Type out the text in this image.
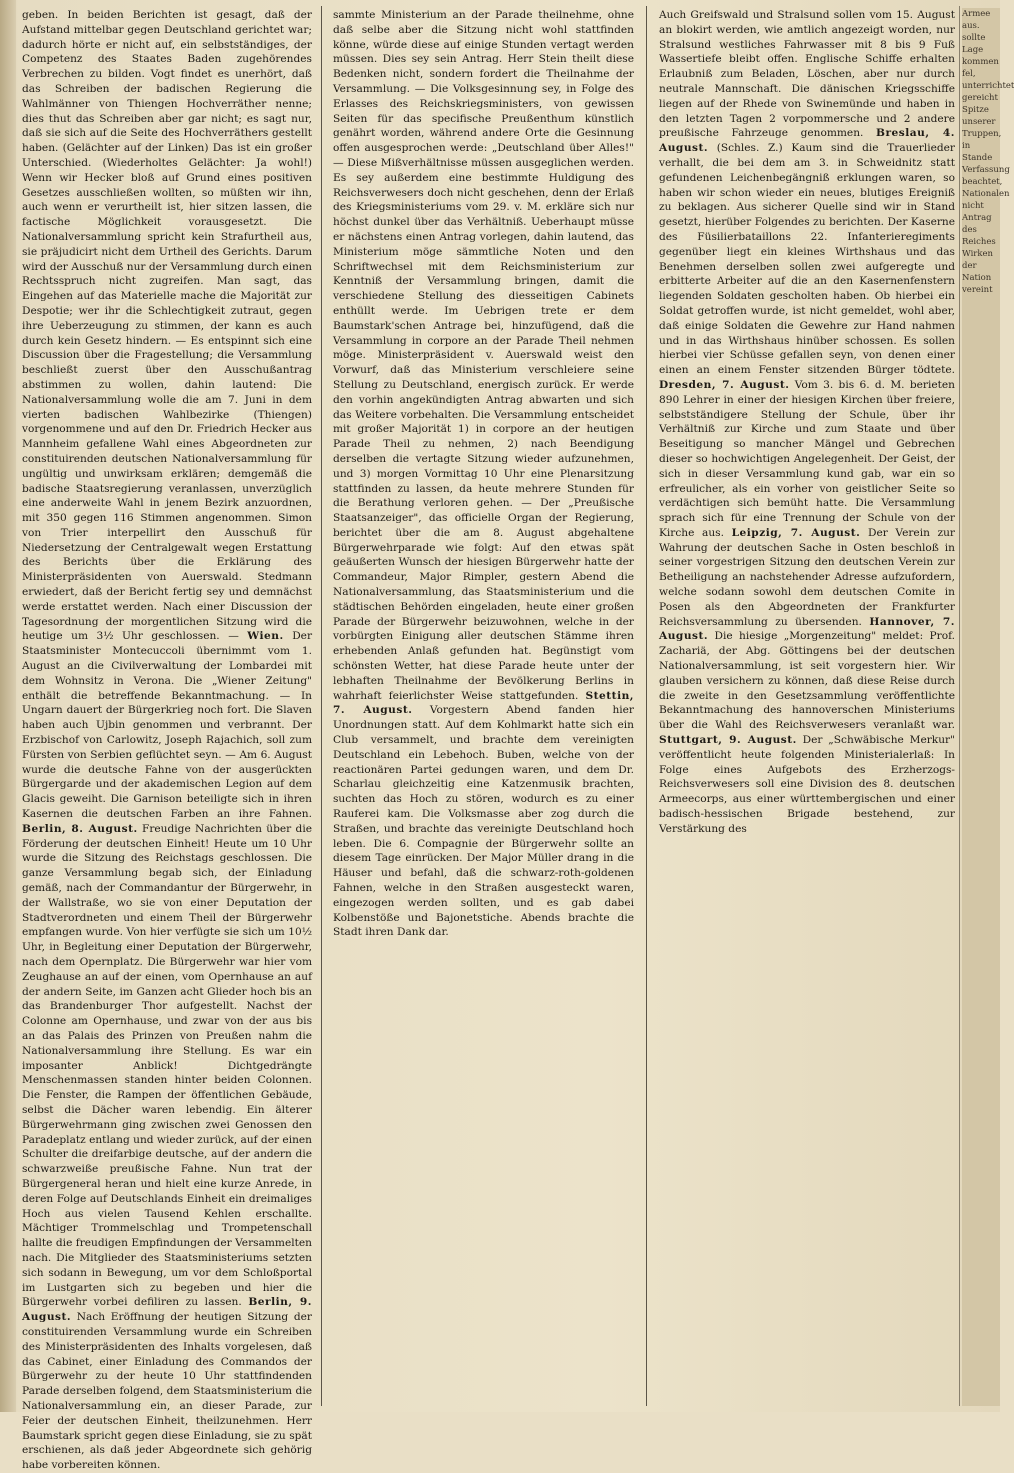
geben. In beiden Berichten ist gesagt, daß der Aufstand mittelbar gegen Deutschland gerichtet war; dadurch hörte er nicht auf, ein selbstständiges, der Competenz des Staates Baden zugehörendes Verbrechen zu bilden. Vogt findet es unerhört, daß das Schreiben der badischen Regierung die Wahlmänner von Thiengen Hochverräther nenne; dies thut das Schreiben aber gar nicht; es sagt nur, daß sie sich auf die Seite des Hochverräthers gestellt haben. (Gelächter auf der Linken) Das ist ein großer Unterschied. (Wiederholtes Gelächter: Ja wohl!) Wenn wir Hecker bloß auf Grund eines positiven Gesetzes ausschließen wollten, so müßten wir ihn, auch wenn er verurtheilt ist, hier sitzen lassen, die factische Möglichkeit vorausgesetzt. Die Nationalversammlung spricht kein Strafurtheil aus, sie präjudicirt nicht dem Urtheil des Gerichts. Darum wird der Ausschuß nur der Versammlung durch einen Rechtsspruch nicht zugreifen. Man sagt, das Eingehen auf das Materielle mache die Majorität zur Despotie; wer ihr die Schlechtigkeit zutraut, gegen ihre Ueberzeugung zu stimmen, der kann es auch durch kein Gesetz hindern. — Es entspinnt sich eine Discussion über die Fragestellung; die Versammlung beschließt zuerst über den Ausschußantrag abstimmen zu wollen, dahin lautend: Die Nationalversammlung wolle die am 7. Juni in dem vierten badischen Wahlbezirke (Thiengen) vorgenommene und auf den Dr. Friedrich Hecker aus Mannheim gefallene Wahl eines Abgeordneten zur constituirenden deutschen Nationalversammlung für ungültig und unwirksam erklären; demgemäß die badische Staatsregierung veranlassen, unverzüglich eine anderweite Wahl in jenem Bezirk anzuordnen, mit 350 gegen 116 Stimmen angenommen. Simon von Trier interpellirt den Ausschuß für Niedersetzung der Centralgewalt wegen Erstattung des Berichts über die Erklärung des Ministerpräsidenten von Auerswald. Stedmann erwiedert, daß der Bericht fertig sey und demnächst werde erstattet werden. Nach einer Discussion der Tagesordnung der morgentlichen Sitzung wird die heutige um 3½ Uhr geschlossen. — Wien. Der Staatsminister Montecuccoli übernimmt vom 1. August an die Civilverwaltung der Lombardei mit dem Wohnsitz in Verona. Die „Wiener Zeitung" enthält die betreffende Bekanntmachung. — In Ungarn dauert der Bürgerkrieg noch fort. Die Slaven haben auch Ujbin genommen und verbrannt. Der Erzbischof von Carlowitz, Joseph Rajachich, soll zum Fürsten von Serbien geflüchtet seyn. — Am 6. August wurde die deutsche Fahne von der ausgerückten Bürgergarde und der akademischen Legion auf dem Glacis geweiht. Die Garnison beteiligte sich in ihren Kasernen die deutschen Farben an ihre Fahnen. Berlin, 8. August. Freudige Nachrichten über die Förderung der deutschen Einheit! Heute um 10 Uhr wurde die Sitzung des Reichstags geschlossen. Die ganze Versammlung begab sich, der Einladung gemäß, nach der Commandantur der Bürgerwehr, in der Wallstraße, wo sie von einer Deputation der Stadtverordneten und einem Theil der Bürgerwehr empfangen wurde. Von hier verfügte sie sich um 10½ Uhr, in Begleitung einer Deputation der Bürgerwehr, nach dem Opernplatz. Die Bürgerwehr war hier vom Zeughause an auf der einen, vom Opernhause an auf der andern Seite, im Ganzen acht Glieder hoch bis an das Brandenburger Thor aufgestellt. Nachst der Colonne am Opernhause, und zwar von der aus bis an das Palais des Prinzen von Preußen nahm die Nationalversammlung ihre Stellung. Es war ein imposanter Anblick! Dichtgedrängte Menschenmassen standen hinter beiden Colonnen. Die Fenster, die Rampen der öffentlichen Gebäude, selbst die Dächer waren lebendig. Ein älterer Bürgerwehrmann ging zwischen zwei Genossen den Paradeplatz entlang und wieder zurück, auf der einen Schulter die dreifarbige deutsche, auf der andern die schwarzweiße preußische Fahne. Nun trat der Bürgergeneral heran und hielt eine kurze Anrede, in deren Folge auf Deutschlands Einheit ein dreimaliges Hoch aus vielen Tausend Kehlen erschallte. Mächtiger Trommelschlag und Trompetenschall hallte die freudigen Empfindungen der Versammelten nach. Die Mitglieder des Staatsministeriums setzten sich sodann in Bewegung, um vor dem Schloßportal im Lustgarten sich zu begeben und hier die Bürgerwehr vorbei defiliren zu lassen. Berlin, 9. August. Nach Eröffnung der heutigen Sitzung der constituirenden Versammlung wurde ein Schreiben des Ministerpräsidenten des Inhalts vorgelesen, daß das Cabinet, einer Einladung des Commandos der Bürgerwehr zu der heute 10 Uhr stattfindenden Parade derselben folgend, dem Staatsministerium die Nationalversammlung ein, an dieser Parade, zur Feier der deutschen Einheit, theilzunehmen. Herr Baumstark spricht gegen diese Einladung, sie zu spät erschienen, als daß jeder Abgeordnete sich gehörig habe vorbereiten können.
sammte Ministerium an der Parade theilnehme, ohne daß selbe aber die Sitzung nicht wohl stattfinden könne, würde diese auf einige Stunden vertagt werden müssen. Dies sey sein Antrag. Herr Stein theilt diese Bedenken nicht, sondern fordert die Theilnahme der Versammlung. — Die Volksgesinnung sey, in Folge des Erlasses des Reichskriegsministers, von gewissen Seiten für das specifische Preußenthum künstlich genährt worden, während andere Orte die Gesinnung offen ausgesprochen werde: „Deutschland über Alles!" — Diese Mißverhältnisse müssen ausgeglichen werden. Es sey außerdem eine bestimmte Huldigung des Reichsverwesers doch nicht geschehen, denn der Erlaß des Kriegsministeriums vom 29. v. M. erkläre sich nur höchst dunkel über das Verhältniß. Ueberhaupt müsse er nächstens einen Antrag vorlegen, dahin lautend, das Ministerium möge sämmtliche Noten und den Schriftwechsel mit dem Reichsministerium zur Kenntniß der Versammlung bringen, damit die verschiedene Stellung des diesseitigen Cabinets enthüllt werde. Im Uebrigen trete er dem Baumstark'schen Antrage bei, hinzufügend, daß die Versammlung in corpore an der Parade Theil nehmen möge. Ministerpräsident v. Auerswald weist den Vorwurf, daß das Ministerium verschleiere seine Stellung zu Deutschland, energisch zurück. Er werde den vorhin angekündigten Antrag abwarten und sich das Weitere vorbehalten. Die Versammlung entscheidet mit großer Majorität 1) in corpore an der heutigen Parade Theil zu nehmen, 2) nach Beendigung derselben die vertagte Sitzung wieder aufzunehmen, und 3) morgen Vormittag 10 Uhr eine Plenarsitzung stattfinden zu lassen, da heute mehrere Stunden für die Berathung verloren gehen. — Der „Preußische Staatsanzeiger", das officielle Organ der Regierung, berichtet über die am 8. August abgehaltene Bürgerwehrparade wie folgt: Auf den etwas spät geäußerten Wunsch der hiesigen Bürgerwehr hatte der Commandeur, Major Rimpler, gestern Abend die Nationalversammlung, das Staatsministerium und die städtischen Behörden eingeladen, heute einer großen Parade der Bürgerwehr beizuwohnen, welche in der vorbürgten Einigung aller deutschen Stämme ihren erhebenden Anlaß gefunden hat. Begünstigt vom schönsten Wetter, hat diese Parade heute unter der lebhaften Theilnahme der Bevölkerung Berlins in wahrhaft feierlichster Weise stattgefunden. Stettin, 7. August. Vorgestern Abend fanden hier Unordnungen statt. Auf dem Kohlmarkt hatte sich ein Club versammelt, und brachte dem vereinigten Deutschland ein Lebehoch. Buben, welche von der reactionären Partei gedungen waren, und dem Dr. Scharlau gleichzeitig eine Katzenmusik brachten, suchten das Hoch zu stören, wodurch es zu einer Rauferei kam. Die Volksmasse aber zog durch die Straßen, und brachte das vereinigte Deutschland hoch leben. Die 6. Compagnie der Bürgerwehr sollte an diesem Tage einrücken. Der Major Müller drang in die Häuser und befahl, daß die schwarz-roth-goldenen Fahnen, welche in den Straßen ausgesteckt waren, eingezogen werden sollten, und es gab dabei Kolbenstöße und Bajonetstiche. Abends brachte die Stadt ihren Dank dar.
Auch Greifswald und Stralsund sollen vom 15. August an blokirt werden, wie amtlich angezeigt worden, nur Stralsund westliches Fahrwasser mit 8 bis 9 Fuß Wassertiefe bleibt offen. Englische Schiffe erhalten Erlaubniß zum Beladen, Löschen, aber nur durch neutrale Mannschaft. Die dänischen Kriegsschiffe liegen auf der Rhede von Swinemünde und haben in den letzten Tagen 2 vorpommersche und 2 andere preußische Fahrzeuge genommen. Breslau, 4. August. (Schles. Z.) Kaum sind die Trauerlieder verhallt, die bei dem am 3. in Schweidnitz statt gefundenen Leichenbegängniß erklungen waren, so haben wir schon wieder ein neues, blutiges Ereigniß zu beklagen. Aus sicherer Quelle sind wir in Stand gesetzt, hierüber Folgendes zu berichten. Der Kaserne des Füsilierbataillons 22. Infanterieregiments gegenüber liegt ein kleines Wirthshaus und das Benehmen derselben sollen zwei aufgeregte und erbitterte Arbeiter auf die an den Kasernenfenstern liegenden Soldaten gescholten haben. Ob hierbei ein Soldat getroffen wurde, ist nicht gemeldet, wohl aber, daß einige Soldaten die Gewehre zur Hand nahmen und in das Wirthshaus hinüber schossen. Es sollen hierbei vier Schüsse gefallen seyn, von denen einer einen an einem Fenster sitzenden Bürger tödtete. Dresden, 7. August. Vom 3. bis 6. d. M. berieten 890 Lehrer in einer der hiesigen Kirchen über freiere, selbstständigere Stellung der Schule, über ihr Verhältniß zur Kirche und zum Staate und über Beseitigung so mancher Mängel und Gebrechen dieser so hochwichtigen Angelegenheit. Der Geist, der sich in dieser Versammlung kund gab, war ein so erfreulicher, als ein vorher von geistlicher Seite so verdächtigen sich bemüht hatte. Die Versammlung sprach sich für eine Trennung der Schule von der Kirche aus. Leipzig, 7. August. Der Verein zur Wahrung der deutschen Sache in Osten beschloß in seiner vorgestrigen Sitzung den deutschen Verein zur Betheiligung an nachstehender Adresse aufzufordern, welche sodann sowohl dem deutschen Comite in Posen als den Abgeordneten der Frankfurter Reichsversammlung zu übersenden. Hannover, 7. August. Die hiesige „Morgenzeitung" meldet: Prof. Zachariä, der Abg. Göttingens bei der deutschen Nationalversammlung, ist seit vorgestern hier. Wir glauben versichern zu können, daß diese Reise durch die zweite in den Gesetzsammlung veröffentlichte Bekanntmachung des hannoverschen Ministeriums über die Wahl des Reichsverwesers veranlaßt war. Stuttgart, 9. August. Der „Schwäbische Merkur" veröffentlicht heute folgenden Ministerialerlaß: In Folge eines Aufgebots des Erzherzogs-Reichsverwesers soll eine Division des 8. deutschen Armeecorps, aus einer württembergischen und einer badisch-hessischen Brigade bestehend, zur Verstärkung des
Armee aus. sollte Lage kommen fel, unterrichtet gereicht Spitze unserer Truppen, in Stande Verfassung beachtet, Nationalen nicht Antrag des Reiches Wirken der Nation vereint
